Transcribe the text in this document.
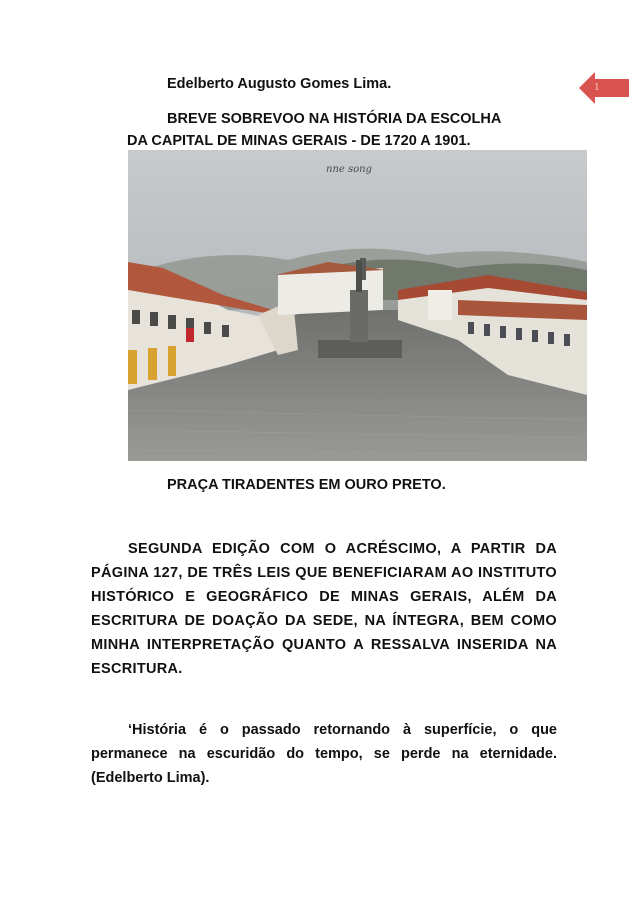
Edelberto Augusto Gomes Lima.
BREVE SOBREVOO NA HISTÓRIA DA ESCOLHA
DA CAPITAL DE MINAS GERAIS - DE 1720 A 1901.
1
nne song
PRAÇA TIRADENTES EM OURO PRETO.
SEGUNDA EDIÇÃO COM O ACRÉSCIMO, A PARTIR DA PÁGINA 127, DE TRÊS LEIS QUE BENEFICIARAM AO INSTITUTO HISTÓRICO E GEOGRÁFICO DE MINAS GERAIS, ALÉM DA ESCRITURA DE DOAÇÃO DA SEDE, NA ÍNTEGRA, BEM COMO MINHA INTERPRETAÇÃO QUANTO A RESSALVA INSERIDA NA ESCRITURA.
‘História é o passado retornando à superfície, o que permanece na escuridão do tempo, se perde na eternidade. (Edelberto Lima).
